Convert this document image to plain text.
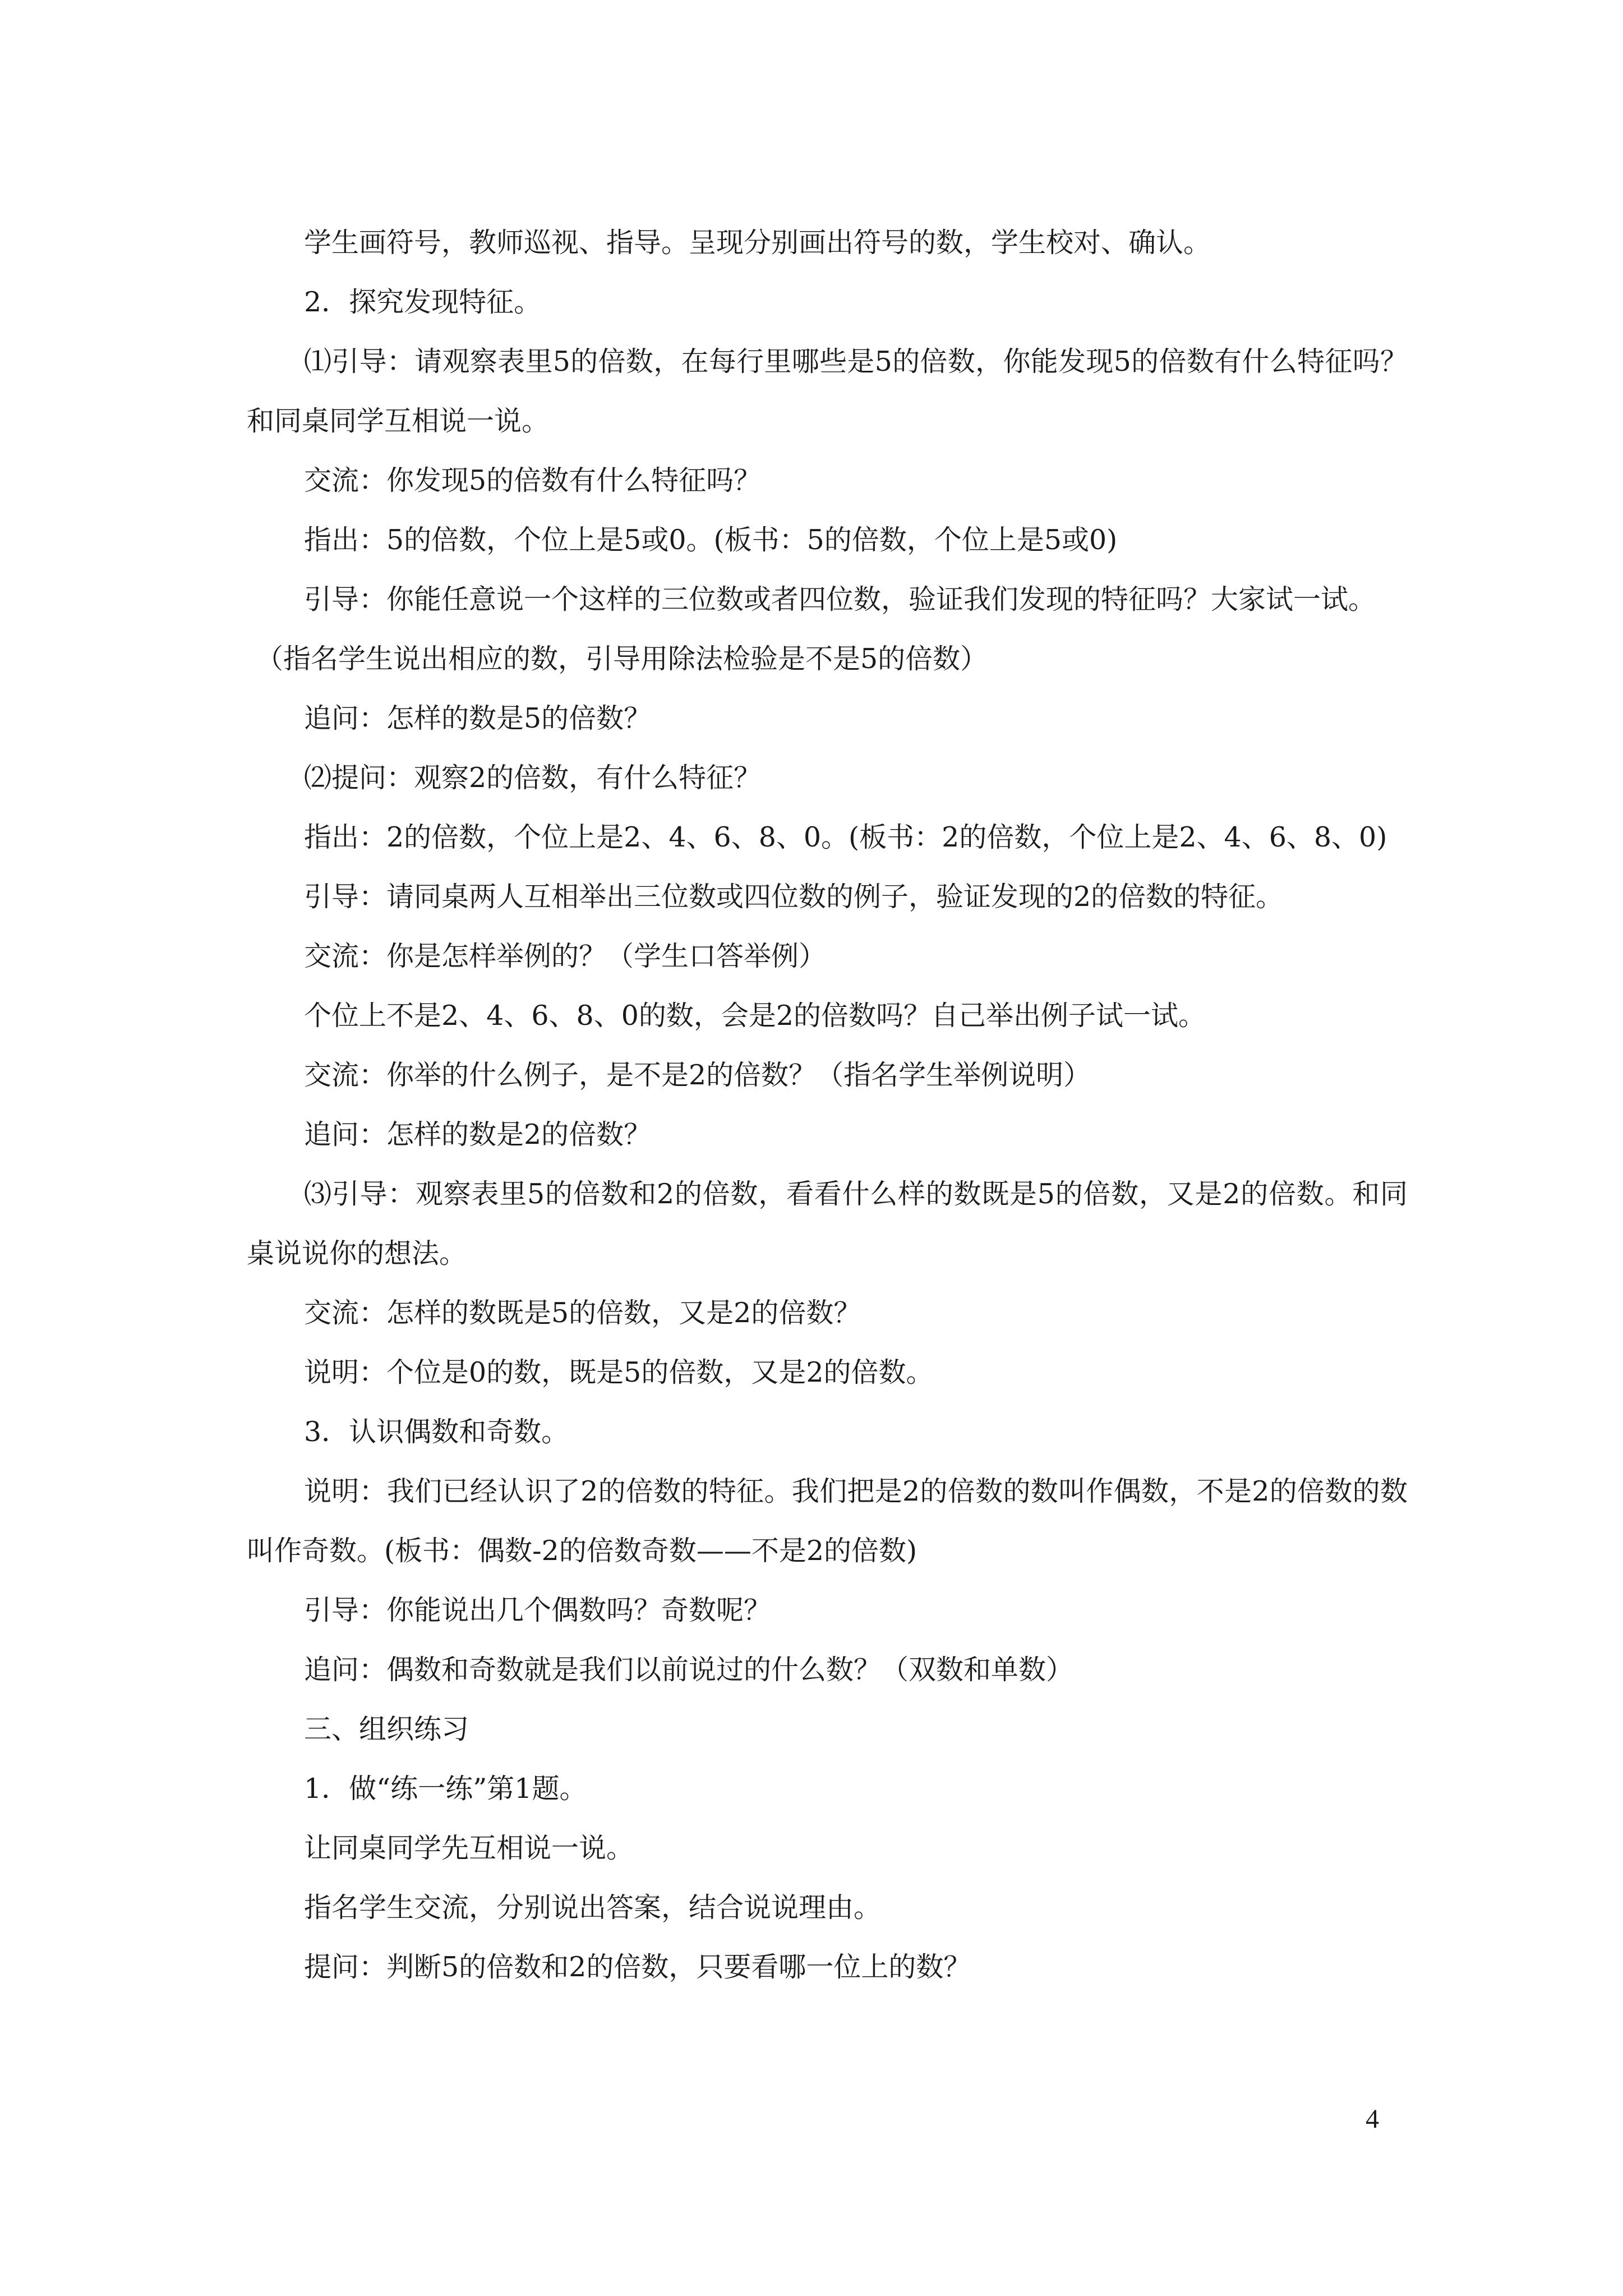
学生画符号，教师巡视、指导。呈现分别画出符号的数，学生校对、确认。

2．探究发现特征。

⑴引导：请观察表里5的倍数，在每行里哪些是5的倍数，你能发现5的倍数有什么特征吗？和同桌同学互相说一说。

交流：你发现5的倍数有什么特征吗？

指出：5的倍数，个位上是5或0。(板书：5的倍数，个位上是5或0)

引导：你能任意说一个这样的三位数或者四位数，验证我们发现的特征吗？大家试一试。

（指名学生说出相应的数，引导用除法检验是不是5的倍数）

追问：怎样的数是5的倍数？

⑵提问：观察2的倍数，有什么特征？

指出：2的倍数，个位上是2、4、6、8、0。(板书：2的倍数，个位上是2、4、6、8、0)

引导：请同桌两人互相举出三位数或四位数的例子，验证发现的2的倍数的特征。

交流：你是怎样举例的？（学生口答举例）

个位上不是2、4、6、8、0的数，会是2的倍数吗？自己举出例子试一试。

交流：你举的什么例子，是不是2的倍数？（指名学生举例说明）

追问：怎样的数是2的倍数？

⑶引导：观察表里5的倍数和2的倍数，看看什么样的数既是5的倍数，又是2的倍数。和同桌说说你的想法。

交流：怎样的数既是5的倍数，又是2的倍数？

说明：个位是0的数，既是5的倍数，又是2的倍数。

3．认识偶数和奇数。

说明：我们已经认识了2的倍数的特征。我们把是2的倍数的数叫作偶数，不是2的倍数的数叫作奇数。(板书：偶数-2的倍数奇数——不是2的倍数)

引导：你能说出几个偶数吗？奇数呢？

追问：偶数和奇数就是我们以前说过的什么数？（双数和单数）

三、组织练习

1．做“练一练”第1题。

让同桌同学先互相说一说。

指名学生交流，分别说出答案，结合说说理由。

提问：判断5的倍数和2的倍数，只要看哪一位上的数？

4
